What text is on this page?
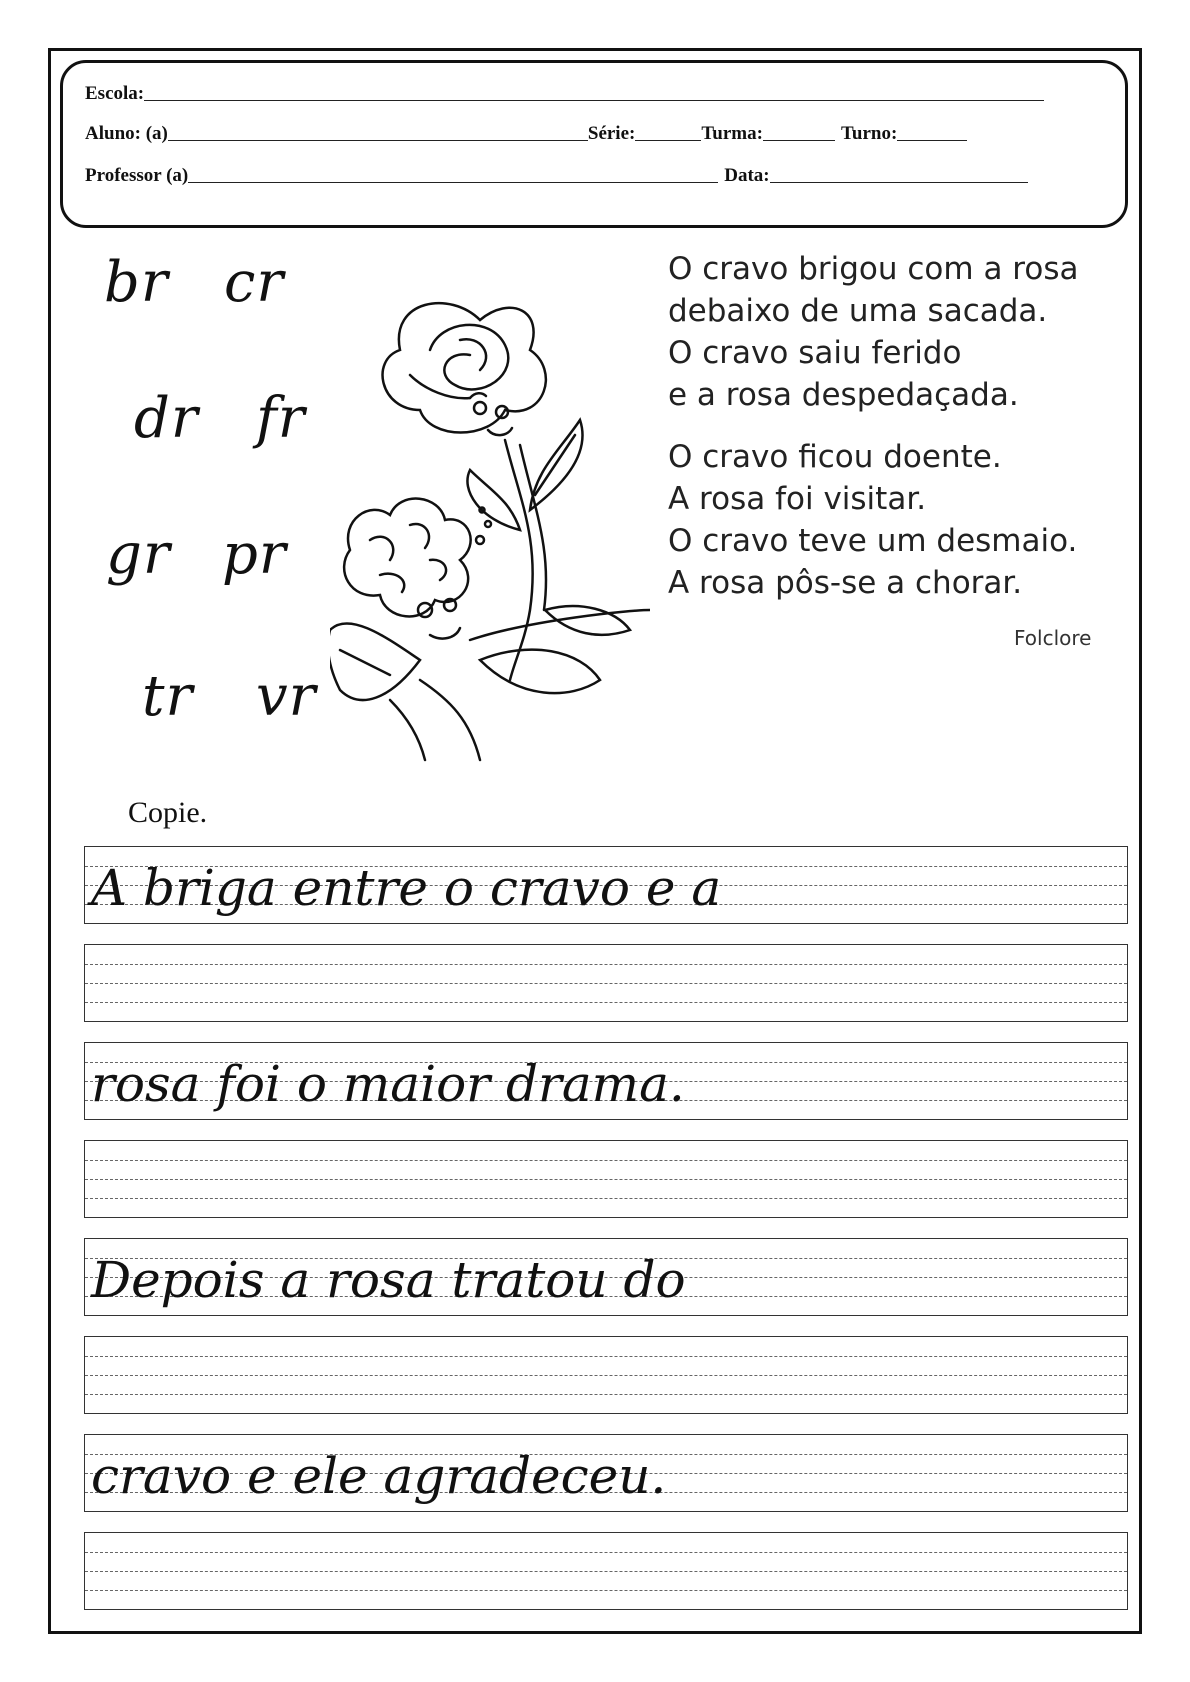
Escola:
Aluno: (a)	Série:	Turma:	Turno:
Professor (a)	Data:
br cr
dr fr
gr pr
tr vr
O cravo brigou com a rosa
debaixo de uma sacada.
O cravo saiu ferido
e a rosa despedaçada.
O cravo ficou doente.
A rosa foi visitar.
O cravo teve um desmaio.
A rosa pôs-se a chorar.
Folclore
Copie.
A briga entre o cravo e a
rosa foi o maior drama.
Depois a rosa tratou do
cravo e ele agradeceu.
